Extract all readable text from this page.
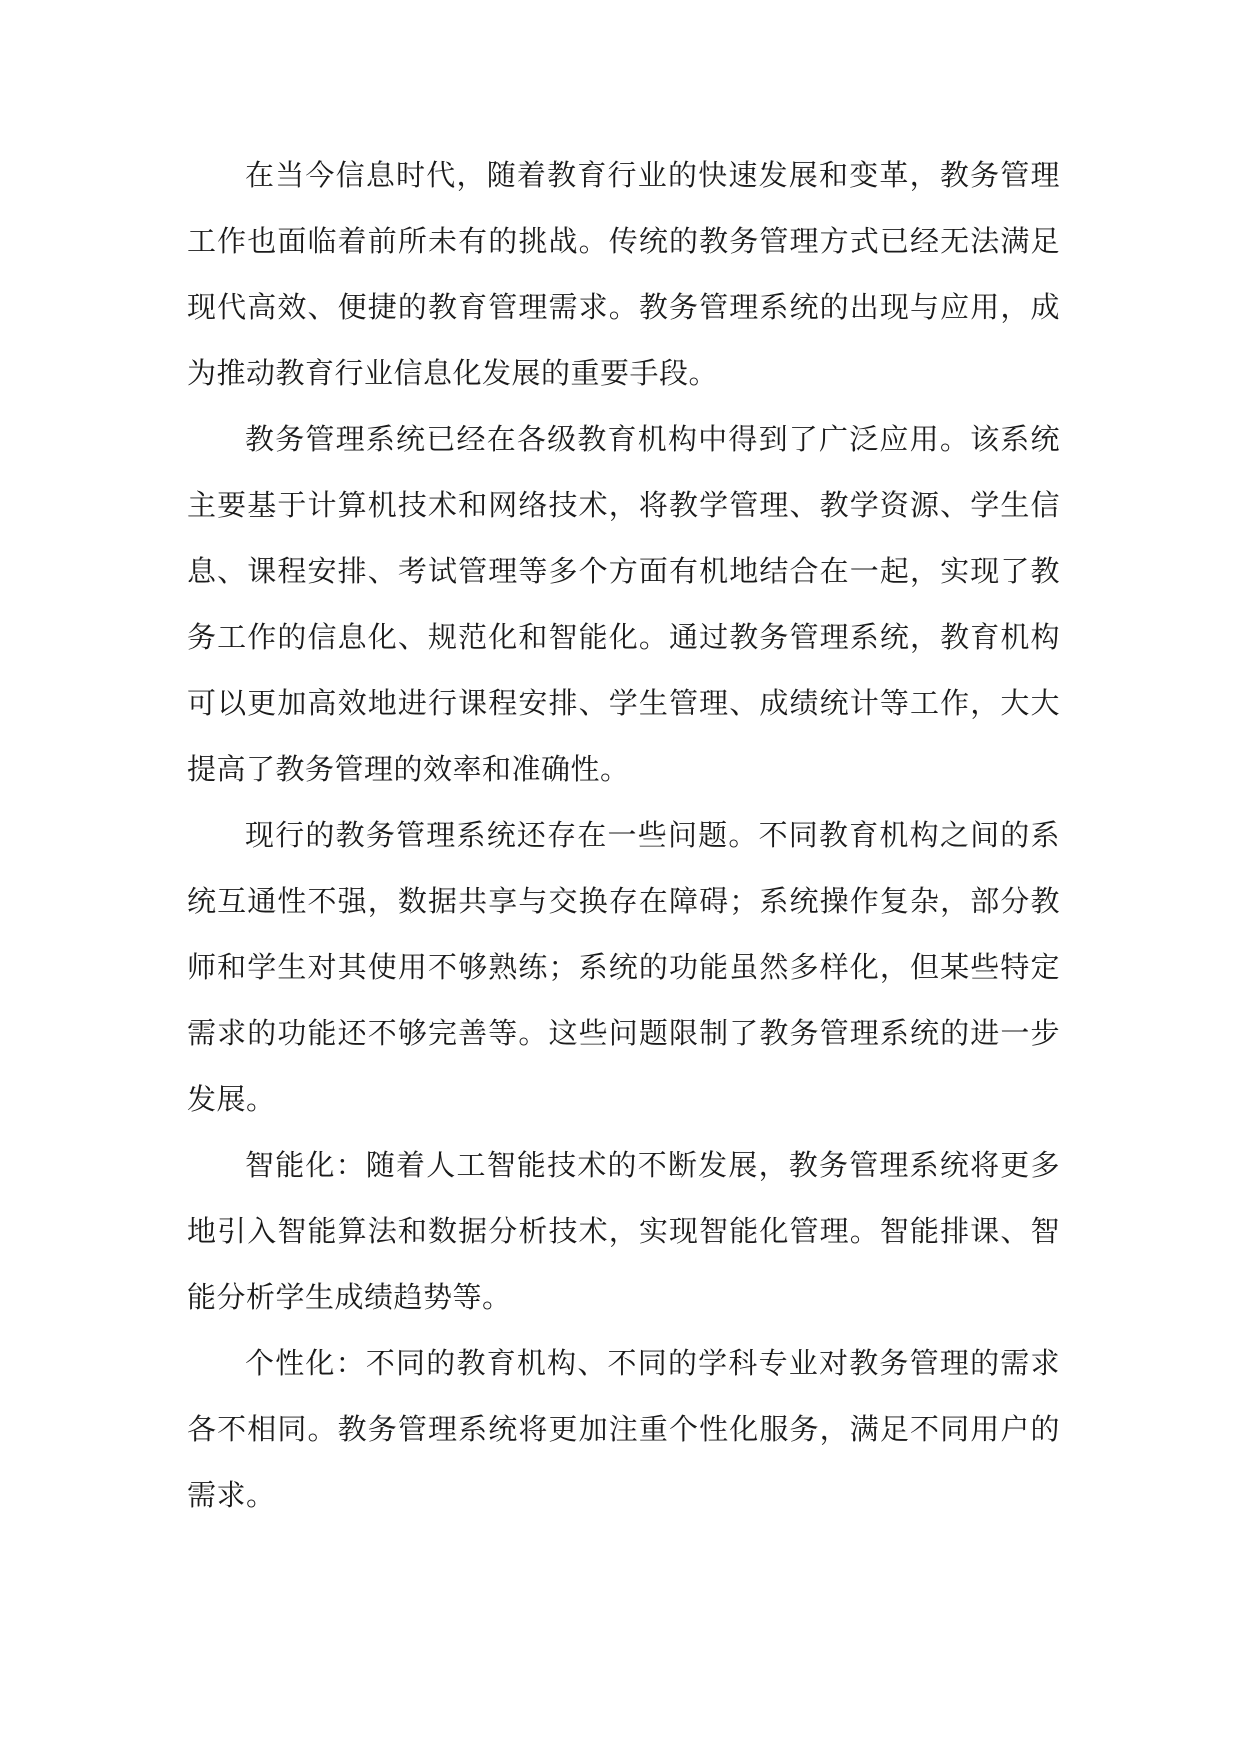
在当今信息时代，随着教育行业的快速发展和变革，教务管理工作也面临着前所未有的挑战。传统的教务管理方式已经无法满足现代高效、便捷的教育管理需求。教务管理系统的出现与应用，成为推动教育行业信息化发展的重要手段。

教务管理系统已经在各级教育机构中得到了广泛应用。该系统主要基于计算机技术和网络技术，将教学管理、教学资源、学生信息、课程安排、考试管理等多个方面有机地结合在一起，实现了教务工作的信息化、规范化和智能化。通过教务管理系统，教育机构可以更加高效地进行课程安排、学生管理、成绩统计等工作，大大提高了教务管理的效率和准确性。

现行的教务管理系统还存在一些问题。不同教育机构之间的系统互通性不强，数据共享与交换存在障碍；系统操作复杂，部分教师和学生对其使用不够熟练；系统的功能虽然多样化，但某些特定需求的功能还不够完善等。这些问题限制了教务管理系统的进一步发展。

智能化：随着人工智能技术的不断发展，教务管理系统将更多地引入智能算法和数据分析技术，实现智能化管理。智能排课、智能分析学生成绩趋势等。

个性化：不同的教育机构、不同的学科专业对教务管理的需求各不相同。教务管理系统将更加注重个性化服务，满足不同用户的需求。
